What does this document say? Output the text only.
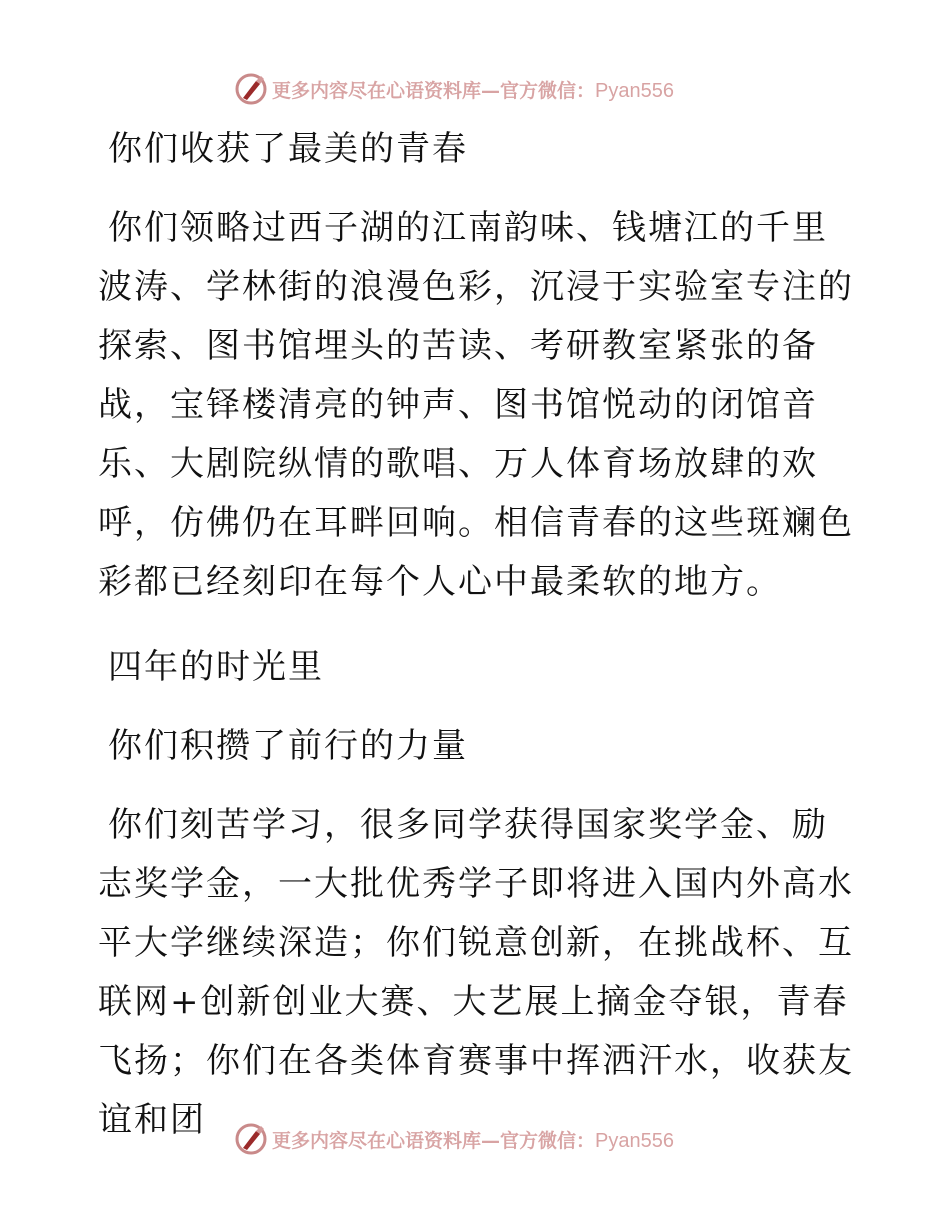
更多内容尽在心语资料库—官方微信：Pyan556

你们收获了最美的青春

你们领略过西子湖的江南韵味、钱塘江的千里波涛、学林街的浪漫色彩，沉浸于实验室专注的探索、图书馆埋头的苦读、考研教室紧张的备战，宝铎楼清亮的钟声、图书馆悦动的闭馆音乐、大剧院纵情的歌唱、万人体育场放肆的欢呼，仿佛仍在耳畔回响。相信青春的这些斑斓色彩都已经刻印在每个人心中最柔软的地方。

四年的时光里

你们积攒了前行的力量

你们刻苦学习，很多同学获得国家奖学金、励志奖学金，一大批优秀学子即将进入国内外高水平大学继续深造；你们锐意创新，在挑战杯、互联网+创新创业大赛、大艺展上摘金夺银，青春飞扬；你们在各类体育赛事中挥洒汗水，收获友谊和团

更多内容尽在心语资料库—官方微信：Pyan556
